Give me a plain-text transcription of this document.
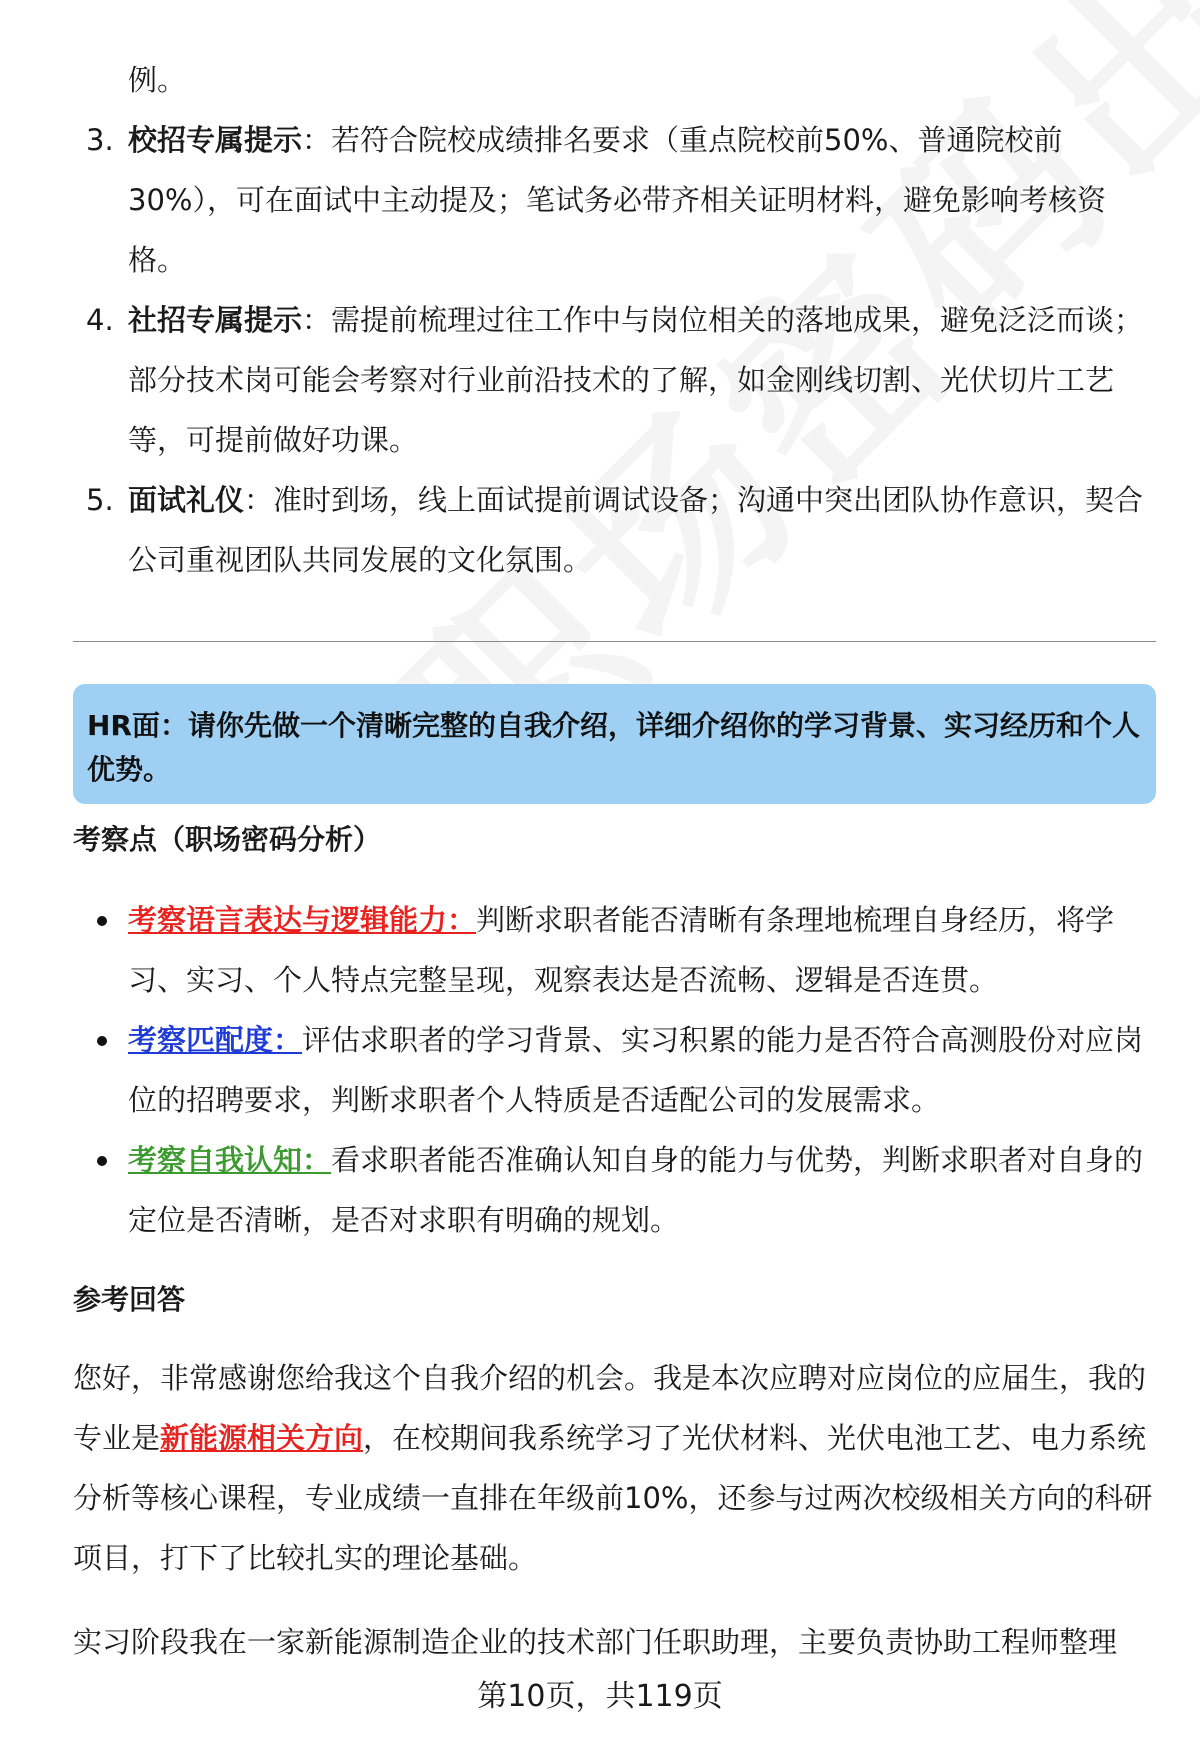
例。
3. 校招专属提示：若符合院校成绩排名要求（重点院校前50%、普通院校前30%），可在面试中主动提及；笔试务必带齐相关证明材料，避免影响考核资格。
4. 社招专属提示：需提前梳理过往工作中与岗位相关的落地成果，避免泛泛而谈；部分技术岗可能会考察对行业前沿技术的了解，如金刚线切割、光伏切片工艺等，可提前做好功课。
5. 面试礼仪：准时到场，线上面试提前调试设备；沟通中突出团队协作意识，契合公司重视团队共同发展的文化氛围。
HR面：请你先做一个清晰完整的自我介绍，详细介绍你的学习背景、实习经历和个人优势。
考察点（职场密码分析）
考察语言表达与逻辑能力：判断求职者能否清晰有条理地梳理自身经历，将学习、实习、个人特点完整呈现，观察表达是否流畅、逻辑是否连贯。
考察匹配度：评估求职者的学习背景、实习积累的能力是否符合高测股份对应岗位的招聘要求，判断求职者个人特质是否适配公司的发展需求。
考察自我认知：看求职者能否准确认知自身的能力与优势，判断求职者对自身的定位是否清晰，是否对求职有明确的规划。
参考回答
您好，非常感谢您给我这个自我介绍的机会。我是本次应聘对应岗位的应届生，我的专业是新能源相关方向，在校期间我系统学习了光伏材料、光伏电池工艺、电力系统分析等核心课程，专业成绩一直排在年级前10%，还参与过两次校级相关方向的科研项目，打下了比较扎实的理论基础。
实习阶段我在一家新能源制造企业的技术部门任职助理，主要负责协助工程师整理
第10页，共119页
